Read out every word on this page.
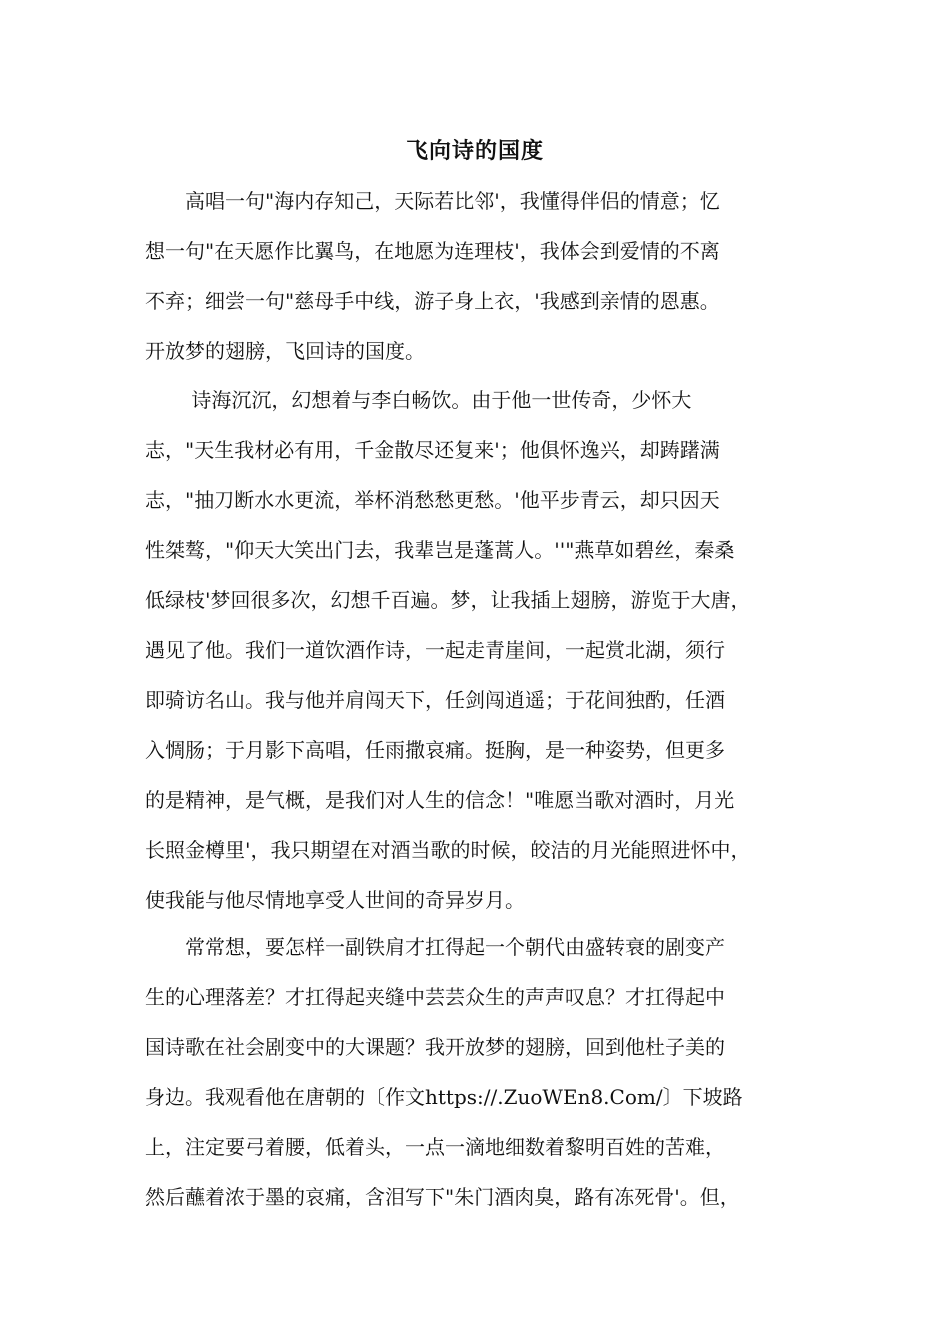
飞向诗的国度
　　高唱一句"海内存知己，天际若比邻'，我懂得伴侣的情意；忆
想一句"在天愿作比翼鸟，在地愿为连理枝'，我体会到爱情的不离
不弃；细尝一句"慈母手中线，游子身上衣，'我感到亲情的恩惠。
开放梦的翅膀，飞回诗的国度。
　　 诗海沉沉，幻想着与李白畅饮。由于他一世传奇，少怀大
志，"天生我材必有用，千金散尽还复来'；他俱怀逸兴，却踌躇满
志，"抽刀断水水更流，举杯消愁愁更愁。'他平步青云，却只因天
性桀骜，"仰天大笑出门去，我辈岂是蓬蒿人。''"燕草如碧丝，秦桑
低绿枝'梦回很多次，幻想千百遍。梦，让我插上翅膀，游览于大唐，
遇见了他。我们一道饮酒作诗，一起走青崖间，一起赏北湖，须行
即骑访名山。我与他并肩闯天下，任剑闯逍遥；于花间独酌，任酒
入惆肠；于月影下高唱，任雨撒哀痛。挺胸，是一种姿势，但更多
的是精神，是气概，是我们对人生的信念！"唯愿当歌对酒时，月光
长照金樽里'，我只期望在对酒当歌的时候，皎洁的月光能照进怀中，
使我能与他尽情地享受人世间的奇异岁月。
　　常常想，要怎样一副铁肩才扛得起一个朝代由盛转衰的剧变产
生的心理落差？才扛得起夹缝中芸芸众生的声声叹息？才扛得起中
国诗歌在社会剧变中的大课题？我开放梦的翅膀，回到他杜子美的
身边。我观看他在唐朝的〔作文https://.ZuoWEn8.Com/〕下坡路
上，注定要弓着腰，低着头，一点一滴地细数着黎明百姓的苦难，
然后蘸着浓于墨的哀痛，含泪写下"朱门酒肉臭，路有冻死骨'。但，
